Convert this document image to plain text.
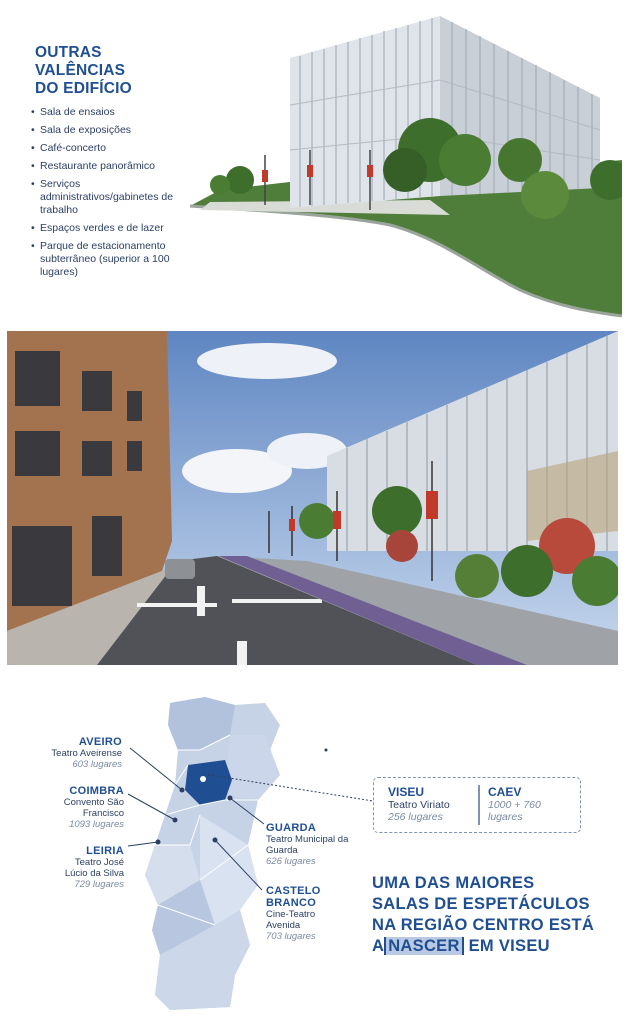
OUTRAS
VALÊNCIAS
DO EDIFÍCIO
• Sala de ensaios
• Sala de exposições
• Café-concerto
• Restaurante panorâmico
• Serviços administrativos/gabinetes de trabalho
• Espaços verdes e de lazer
• Parque de estacionamento subterrâneo (superior a 100 lugares)
AVEIRO
Teatro Aveirense
603 lugares
COIMBRA
Convento São Francisco
1093 lugares
LEIRIA
Teatro José Lúcio da Silva
729 lugares
GUARDA
Teatro Municipal da Guarda
626 lugares
CASTELO
BRANCO
Cine-Teatro Avenida
703 lugares
VISEU
Teatro Viriato
256 lugares
CAEV
1000 + 760
lugares
UMA DAS MAIORES
SALAS DE ESPETÁCULOS
NA REGIÃO CENTRO ESTÁ
A NASCER EM VISEU
